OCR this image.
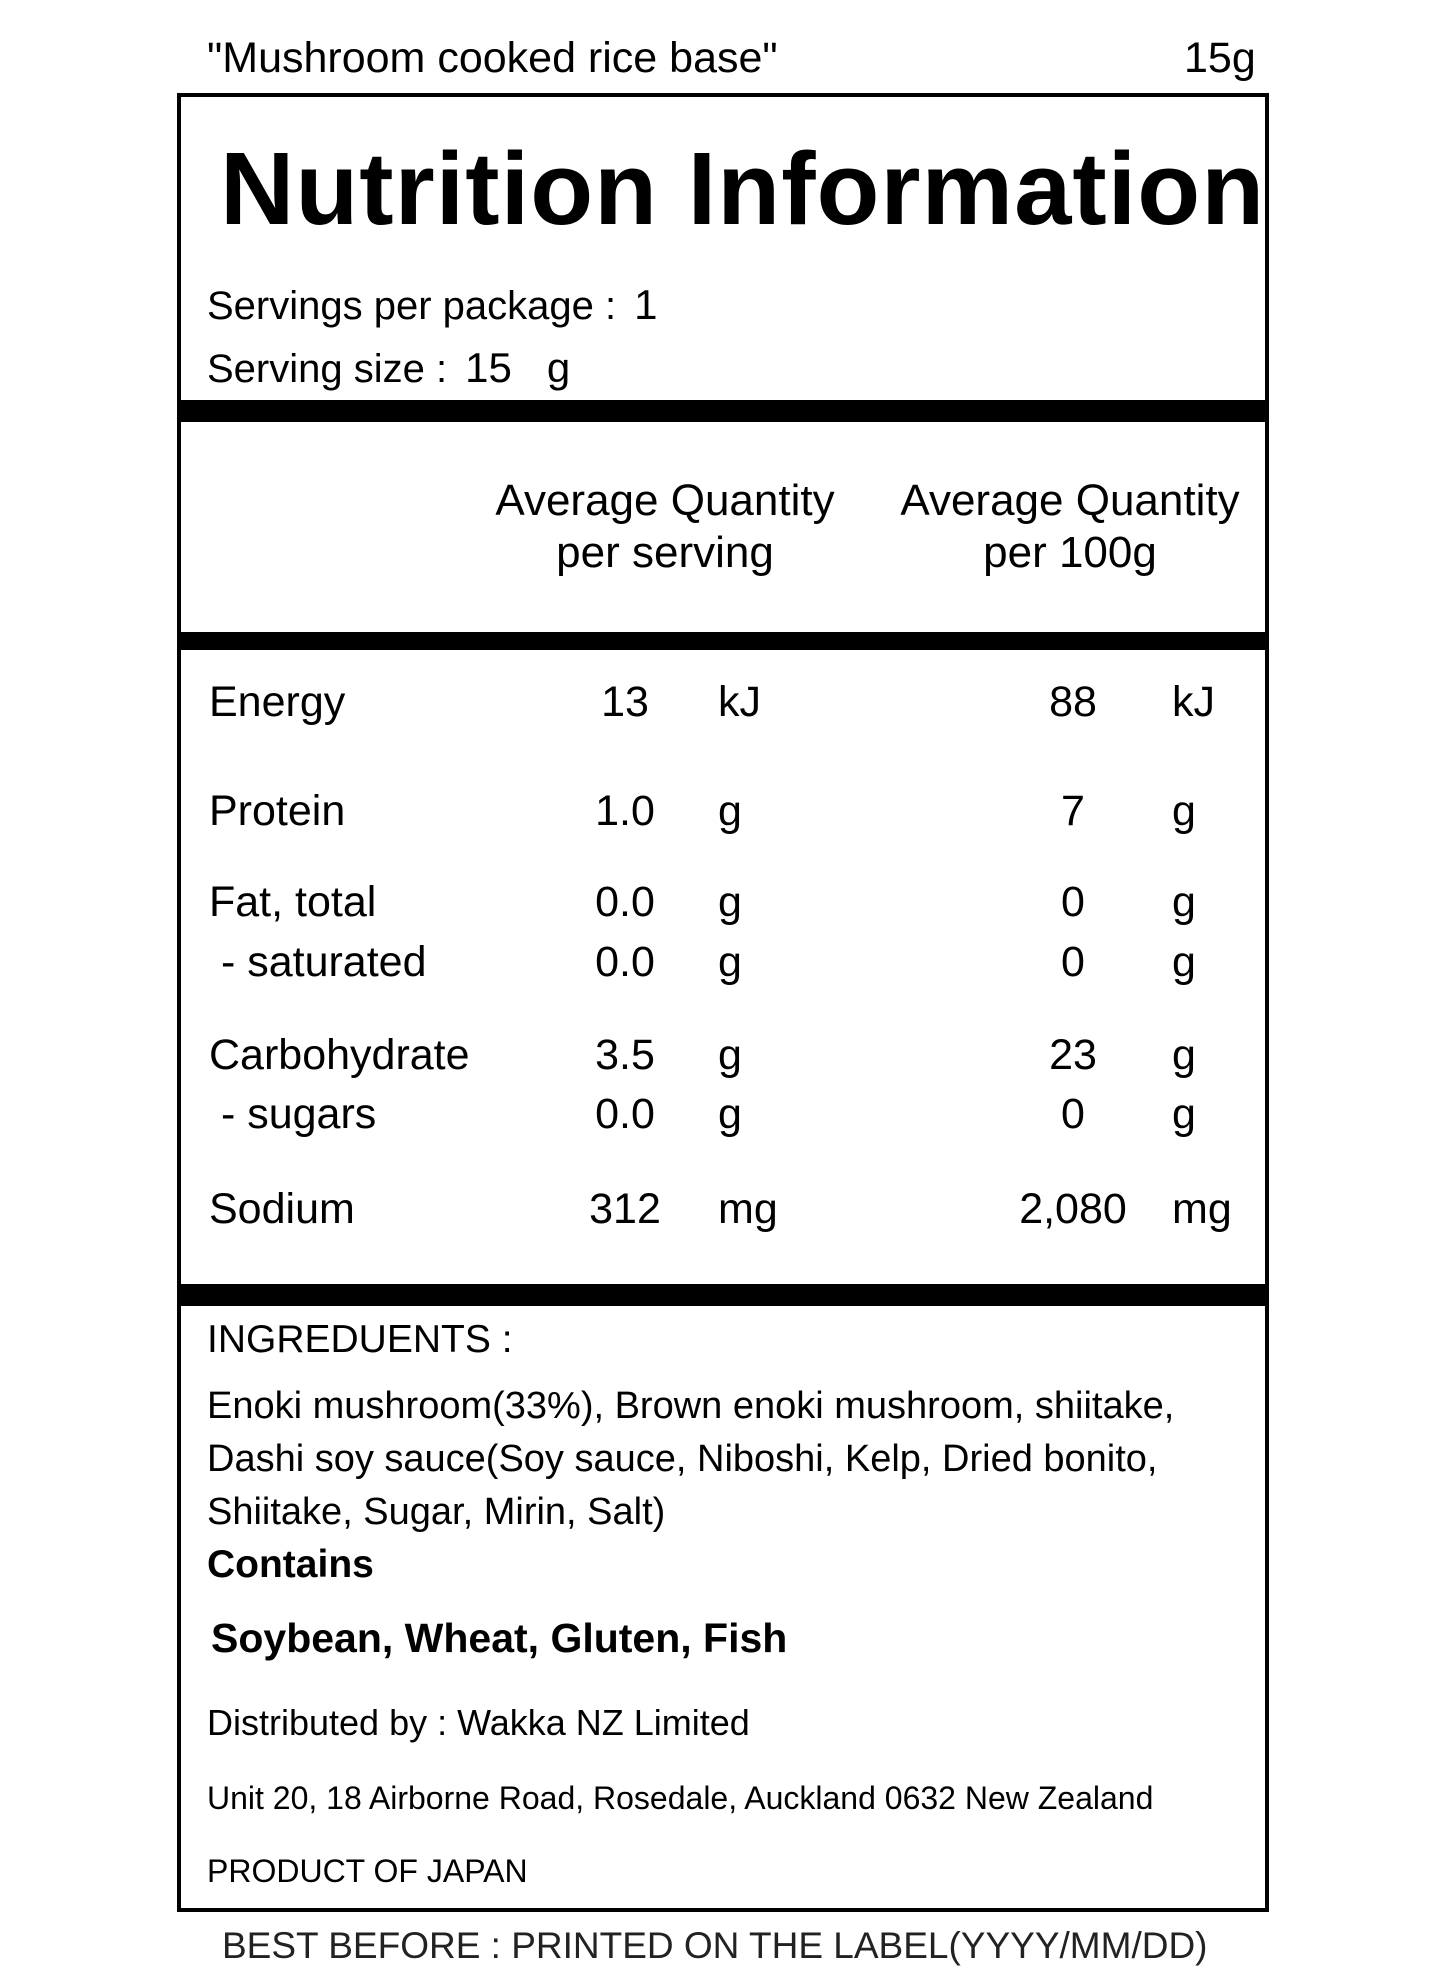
"Mushroom cooked rice base"	15g
Nutrition Information
Servings per package : 1
Serving size : 15   g
Average Quantity
per serving
Average Quantity
per 100g
Energy	13	kJ	88	kJ
Protein	1.0	g	7	g
Fat, total	0.0	g	0	g
- saturated	0.0	g	0	g
Carbohydrate	3.5	g	23	g
- sugars	0.0	g	0	g
Sodium	312	mg	2,080	mg
INGREDUENTS :
Enoki mushroom(33%), Brown enoki mushroom, shiitake, Dashi soy sauce(Soy sauce, Niboshi, Kelp, Dried bonito, Shiitake, Sugar, Mirin, Salt)
Contains
Soybean, Wheat, Gluten, Fish
Distributed by : Wakka NZ Limited
Unit 20, 18 Airborne Road, Rosedale, Auckland 0632 New Zealand
PRODUCT OF JAPAN
BEST BEFORE : PRINTED ON THE LABEL(YYYY/MM/DD)
